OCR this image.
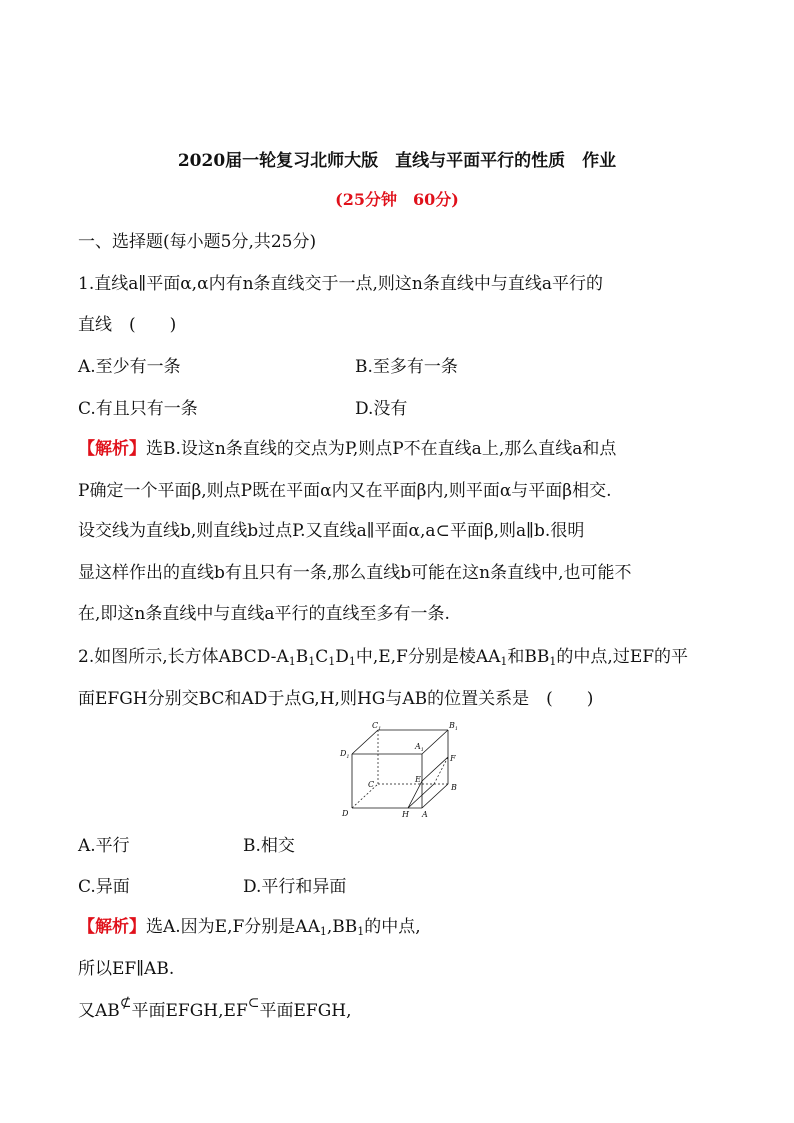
2020届一轮复习北师大版　直线与平面平行的性质　作业
(25分钟　60分)
一、选择题(每小题5分,共25分)
1.直线a∥平面α,α内有n条直线交于一点,则这n条直线中与直线a平行的
直线　(　　)
A.至少有一条	B.至多有一条
C.有且只有一条	D.没有
【解析】选B.设这n条直线的交点为P,则点P不在直线a上,那么直线a和点
P确定一个平面β,则点P既在平面α内又在平面β内,则平面α与平面β相交.
设交线为直线b,则直线b过点P.又直线a∥平面α,a⊂平面β,则a∥b.很明
显这样作出的直线b有且只有一条,那么直线b可能在这n条直线中,也可能不
在,即这n条直线中与直线a平行的直线至多有一条.
2.如图所示,长方体ABCD-$A_1B_1C_1D_1$中,E,F分别是棱$AA_1$和$BB_1$的中点,过EF的平
面EFGH分别交BC和AD于点G,H,则HG与AB的位置关系是　(　　)
$C_1$	$B_1$
$D_1$
$A_1$
F
C
E
B
D	H A
A.平行	B.相交
C.异面	D.平行和异面
【解析】选A.因为E,F分别是$AA_1,BB_1$的中点,
所以EF∥AB.
又AB⊄平面EFGH,EF⊂平面EFGH,
